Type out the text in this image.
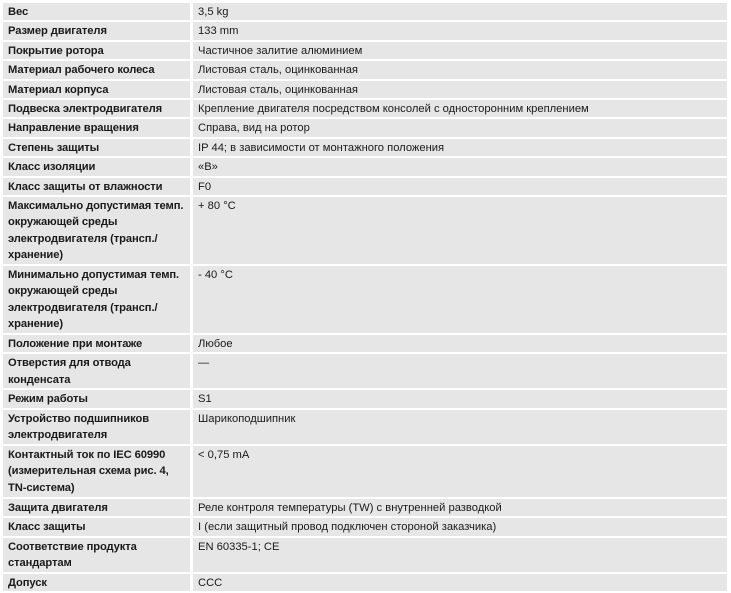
Вес	3,5 kg
Размер двигателя	133 mm
Покрытие ротора	Частичное залитие алюминием
Материал рабочего колеса	Листовая сталь, оцинкованная
Материал корпуса	Листовая сталь, оцинкованная
Подвеска электродвигателя	Крепление двигателя посредством консолей с односторонним креплением
Направление вращения	Справа, вид на ротор
Степень защиты	IP 44; в зависимости от монтажного положения
Класс изоляции	«B»
Класс защиты от влажности	F0
Максимально допустимая темп. окружающей среды электродвигателя (трансп./хранение)	+ 80 °C
Минимально допустимая темп. окружающей среды электродвигателя (трансп./хранение)	- 40 °C
Положение при монтаже	Любое
Отверстия для отвода конденсата	—
Режим работы	S1
Устройство подшипников электродвигателя	Шарикоподшипник
Контактный ток по IEC 60990 (измерительная схема рис. 4, TN-система)	< 0,75 mA
Защита двигателя	Реле контроля температуры (TW) с внутренней разводкой
Класс защиты	I (если защитный провод подключен стороной заказчика)
Соответствие продукта стандартам	EN 60335-1; CE
Допуск	CCC
